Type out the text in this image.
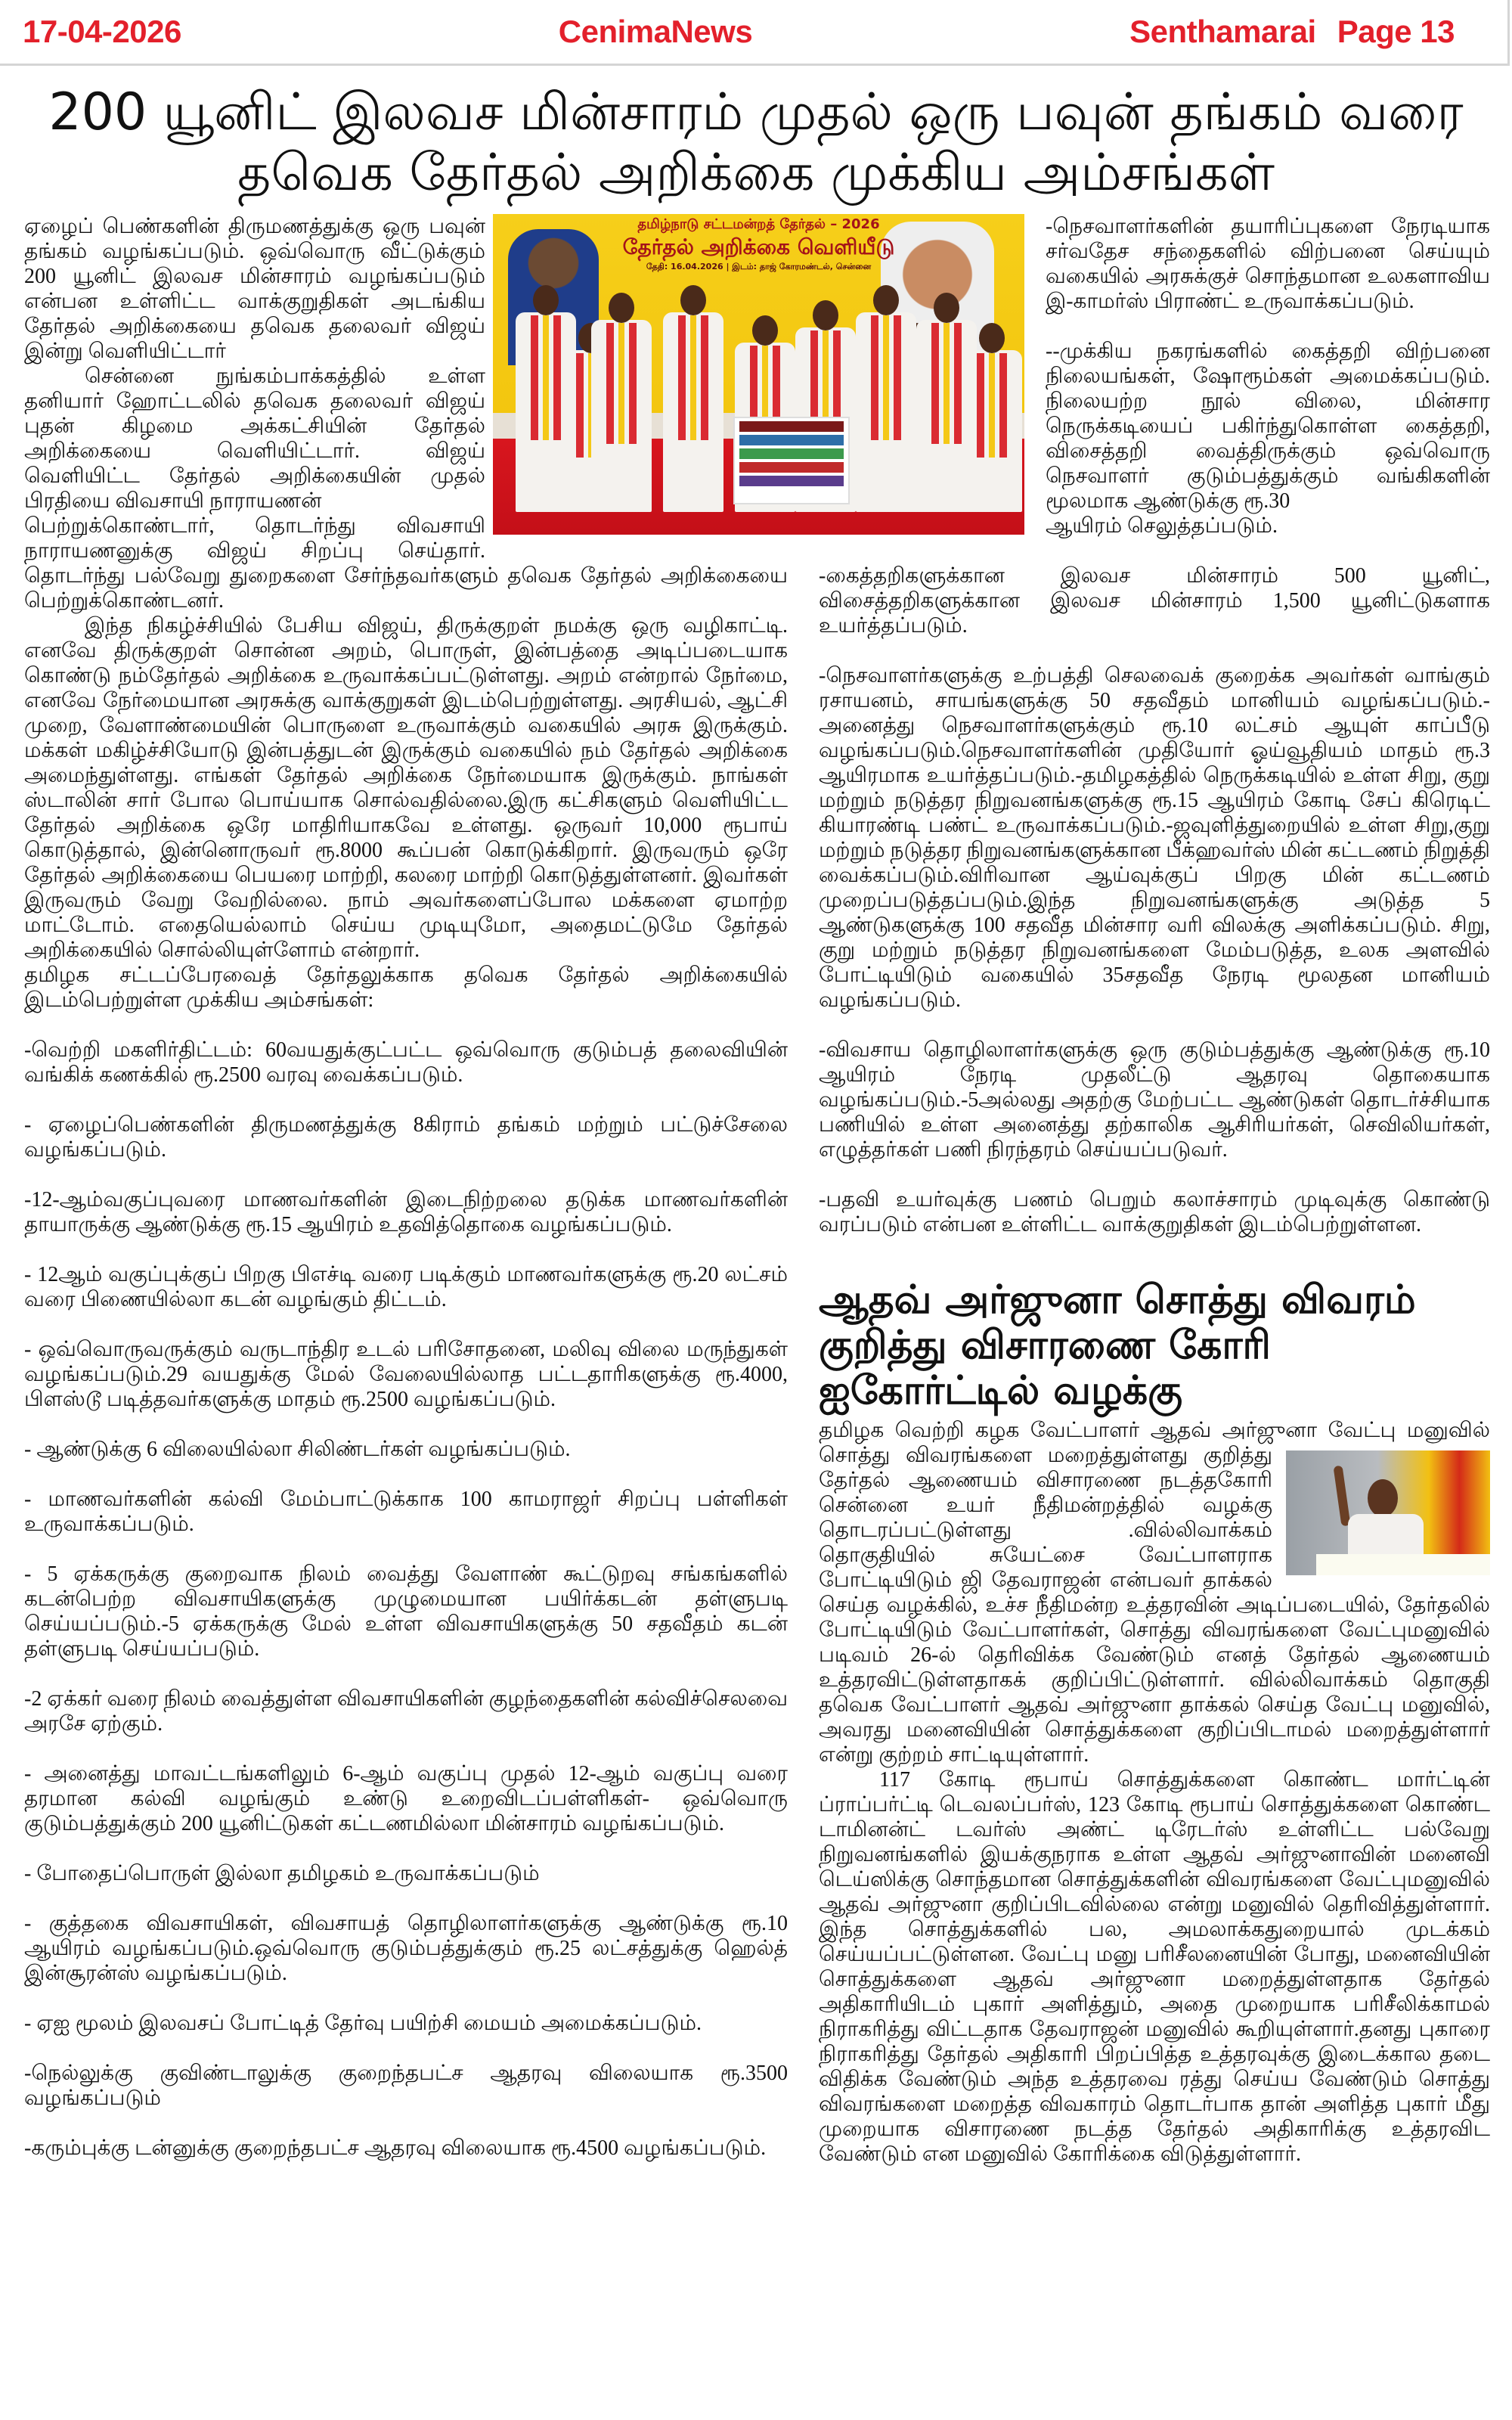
17-04-2026	CenimaNews	Senthamarai Page 13
200 யூனிட் இலவச மின்சாரம் முதல் ஒரு பவுன் தங்கம் வரை
தவெக தேர்தல் அறிக்கை முக்கிய அம்சங்கள்
தமிழ்நாடு சட்டமன்றத் தேர்தல் – 2026
தேர்தல் அறிக்கை வெளியீடு
தேதி: 16.04.2026 | இடம்: தாஜ் கோரமண்டல், சென்னை

ஏழைப் பெண்களின் திருமணத்துக்கு ஒரு பவுன் தங்கம் வழங்கப்படும். ஒவ்வொரு வீட்டுக்கும் 200 யூனிட் இலவச மின்சாரம் வழங்கப்படும் என்பன உள்ளிட்ட வாக்குறுதிகள் அடங்கிய தேர்தல் அறிக்கையை தவெக தலைவர் விஜய் இன்று வெளியிட்டார்

சென்னை நுங்கம்பாக்கத்தில் உள்ள தனியார் ஹோட்டலில் தவெக தலைவர் விஜய் புதன் கிழமை அக்கட்சியின் தேர்தல் அறிக்கையை வெளியிட்டார். விஜய் வெளியிட்ட தேர்தல் அறிக்கையின் முதல் பிரதியை விவசாயி நாராயணன்

பெற்றுக்கொண்டார், தொடர்ந்து விவசாயி நாராயணனுக்கு விஜய் சிறப்பு செய்தார். தொடர்ந்து பல்வேறு துறைகளை சேர்ந்தவர்களும் தவெக தேர்தல் அறிக்கையை பெற்றுக்கொண்டனர்.

இந்த நிகழ்ச்சியில் பேசிய விஜய், திருக்குறள் நமக்கு ஒரு வழிகாட்டி. எனவே திருக்குறள் சொன்ன அறம், பொருள், இன்பத்தை அடிப்படையாக கொண்டு நம்தேர்தல் அறிக்கை உருவாக்கப்பட்டுள்ளது. அறம் என்றால் நேர்மை, எனவே நேர்மையான அரசுக்கு வாக்குறுகள் இடம்பெற்றுள்ளது. அரசியல், ஆட்சி முறை, வேளாண்மையின் பொருளை உருவாக்கும் வகையில் அரசு இருக்கும். மக்கள் மகிழ்ச்சியோடு இன்பத்துடன் இருக்கும் வகையில் நம் தேர்தல் அறிக்கை அமைந்துள்ளது. எங்கள் தேர்தல் அறிக்கை நேர்மையாக இருக்கும். நாங்கள் ஸ்டாலின் சார் போல பொய்யாக சொல்வதில்லை.இரு கட்சிகளும் வெளியிட்ட தேர்தல் அறிக்கை ஒரே மாதிரியாகவே உள்ளது. ஒருவர் 10,000 ரூபாய் கொடுத்தால், இன்னொருவர் ரூ.8000 கூப்பன் கொடுக்கிறார். இருவரும் ஒரே தேர்தல் அறிக்கையை பெயரை மாற்றி, கலரை மாற்றி கொடுத்துள்ளனர். இவர்கள் இருவரும் வேறு வேறில்லை. நாம் அவர்களைப்போல மக்களை ஏமாற்ற மாட்டோம். எதையெல்லாம் செய்ய முடியுமோ, அதைமட்டுமே தேர்தல் அறிக்கையில் சொல்லியுள்ளோம் என்றார்.

தமிழக சட்டப்பேரவைத் தேர்தலுக்காக தவெக தேர்தல் அறிக்கையில் இடம்பெற்றுள்ள முக்கிய அம்சங்கள்:

-வெற்றி மகளிர்திட்டம்: 60வயதுக்குட்பட்ட ஒவ்வொரு குடும்பத் தலைவியின் வங்கிக் கணக்கில் ரூ.2500 வரவு வைக்கப்படும்.

- ஏழைப்பெண்களின் திருமணத்துக்கு 8கிராம் தங்கம் மற்றும் பட்டுச்சேலை வழங்கப்படும்.

-12-ஆம்வகுப்புவரை மாணவர்களின் இடைநிற்றலை தடுக்க மாணவர்களின் தாயாருக்கு ஆண்டுக்கு ரூ.15 ஆயிரம் உதவித்தொகை வழங்கப்படும்.

- 12ஆம் வகுப்புக்குப் பிறகு பிஎச்டி வரை படிக்கும் மாணவர்களுக்கு ரூ.20 லட்சம் வரை பிணையில்லா கடன் வழங்கும் திட்டம்.

- ஒவ்வொருவருக்கும் வருடாந்திர உடல் பரிசோதனை, மலிவு விலை மருந்துகள் வழங்கப்படும்.29 வயதுக்கு மேல் வேலையில்லாத பட்டதாரிகளுக்கு ரூ.4000, பிளஸ்டூ படித்தவர்களுக்கு மாதம் ரூ.2500 வழங்கப்படும்.

- ஆண்டுக்கு 6 விலையில்லா சிலிண்டர்கள் வழங்கப்படும்.

- மாணவர்களின் கல்வி மேம்பாட்டுக்காக 100 காமராஜர் சிறப்பு பள்ளிகள் உருவாக்கப்படும்.

- 5 ஏக்கருக்கு குறைவாக நிலம் வைத்து வேளாண் கூட்டுறவு சங்கங்களில் கடன்பெற்ற விவசாயிகளுக்கு முழுமையான பயிர்க்கடன் தள்ளுபடி செய்யப்படும்.-5 ஏக்கருக்கு மேல் உள்ள விவசாயிகளுக்கு 50 சதவீதம் கடன் தள்ளுபடி செய்யப்படும்.

-2 ஏக்கர் வரை நிலம் வைத்துள்ள விவசாயிகளின் குழந்தைகளின் கல்விச்செலவை அரசே ஏற்கும்.

- அனைத்து மாவட்டங்களிலும் 6-ஆம் வகுப்பு முதல் 12-ஆம் வகுப்பு வரை தரமான கல்வி வழங்கும் உண்டு உறைவிடப்பள்ளிகள்- ஒவ்வொரு குடும்பத்துக்கும் 200 யூனிட்டுகள் கட்டணமில்லா மின்சாரம் வழங்கப்படும்.

- போதைப்பொருள் இல்லா தமிழகம் உருவாக்கப்படும்

- குத்தகை விவசாயிகள், விவசாயத் தொழிலாளர்களுக்கு ஆண்டுக்கு ரூ.10 ஆயிரம் வழங்கப்படும்.ஒவ்வொரு குடும்பத்துக்கும் ரூ.25 லட்சத்துக்கு ஹெல்த் இன்சூரன்ஸ் வழங்கப்படும்.

- ஏஐ மூலம் இலவசப் போட்டித் தேர்வு பயிற்சி மையம் அமைக்கப்படும்.

-நெல்லுக்கு குவிண்டாலுக்கு குறைந்தபட்ச ஆதரவு விலையாக ரூ.3500 வழங்கப்படும்

-கரும்புக்கு டன்னுக்கு குறைந்தபட்ச ஆதரவு விலையாக ரூ.4500 வழங்கப்படும்.

-நெசவாளர்களின் தயாரிப்புகளை நேரடியாக சர்வதேச சந்தைகளில் விற்பனை செய்யும் வகையில் அரசுக்குச் சொந்தமான உலகளாவிய இ-காமர்ஸ் பிராண்ட் உருவாக்கப்படும்.

--முக்கிய நகரங்களில் கைத்தறி விற்பனை நிலையங்கள், ஷோரூம்கள் அமைக்கப்படும். நிலையற்ற நூல் விலை, மின்சார நெருக்கடியைப் பகிர்ந்துகொள்ள கைத்தறி, விசைத்தறி வைத்திருக்கும் ஒவ்வொரு நெசவாளர் குடும்பத்துக்கும் வங்கிகளின் மூலமாக ஆண்டுக்கு ரூ.30

ஆயிரம் செலுத்தப்படும்.

-கைத்தறிகளுக்கான இலவச மின்சாரம் 500 யூனிட், விசைத்தறிகளுக்கான இலவச மின்சாரம் 1,500 யூனிட்டுகளாக உயர்த்தப்படும்.

-நெசவாளர்களுக்கு உற்பத்தி செலவைக் குறைக்க அவர்கள் வாங்கும் ரசாயனம், சாயங்களுக்கு 50 சதவீதம் மானியம் வழங்கப்படும்.-அனைத்து நெசவாளர்களுக்கும் ரூ.10 லட்சம் ஆயுள் காப்பீடு வழங்கப்படும்.நெசவாளர்களின் முதியோர் ஓய்வூதியம் மாதம் ரூ.3 ஆயிரமாக உயர்த்தப்படும்.-தமிழகத்தில் நெருக்கடியில் உள்ள சிறு, குறு மற்றும் நடுத்தர நிறுவனங்களுக்கு ரூ.15 ஆயிரம் கோடி சேப் கிரெடிட் கியாரண்டி பண்ட் உருவாக்கப்படும்.-ஜவுளித்துறையில் உள்ள சிறு,குறு மற்றும் நடுத்தர நிறுவனங்களுக்கான பீக்ஹவர்ஸ் மின் கட்டணம் நிறுத்தி வைக்கப்படும்.விரிவான ஆய்வுக்குப் பிறகு மின் கட்டணம் முறைப்படுத்தப்படும்.இந்த நிறுவனங்களுக்கு அடுத்த 5 ஆண்டுகளுக்கு 100 சதவீத மின்சார வரி விலக்கு அளிக்கப்படும். சிறு, குறு மற்றும் நடுத்தர நிறுவனங்களை மேம்படுத்த, உலக அளவில் போட்டியிடும் வகையில் 35சதவீத நேரடி மூலதன மானியம் வழங்கப்படும்.

-விவசாய தொழிலாளர்களுக்கு ஒரு குடும்பத்துக்கு ஆண்டுக்கு ரூ.10 ஆயிரம் நேரடி முதலீட்டு ஆதரவு தொகையாக வழங்கப்படும்.-5அல்லது அதற்கு மேற்பட்ட ஆண்டுகள் தொடர்ச்சியாக பணியில் உள்ள அனைத்து தற்காலிக ஆசிரியர்கள், செவிலியர்கள், எழுத்தர்கள் பணி நிரந்தரம் செய்யப்படுவர்.

-பதவி உயர்வுக்கு பணம் பெறும் கலாச்சாரம் முடிவுக்கு கொண்டு வரப்படும் என்பன உள்ளிட்ட வாக்குறுதிகள் இடம்பெற்றுள்ளன.

ஆதவ் அர்ஜுனா சொத்து விவரம் குறித்து விசாரணை கோரி ஐகோர்ட்டில் வழக்கு

தமிழக வெற்றி கழக வேட்பாளர் ஆதவ் அர்ஜுனா வேட்பு மனுவில் சொத்து விவரங்களை மறைத்துள்ளது குறித்து தேர்தல் ஆணையம் விசாரணை நடத்தகோரி சென்னை உயர் நீதிமன்றத்தில் வழக்கு தொடரப்பட்டுள்ளது .வில்லிவாக்கம் தொகுதியில் சுயேட்சை வேட்பாளராக போட்டியிடும் ஜி தேவராஜன் என்பவர் தாக்கல் செய்த வழக்கில், உச்ச நீதிமன்ற உத்தரவின் அடிப்படையில், தேர்தலில் போட்டியிடும் வேட்பாளர்கள், சொத்து விவரங்களை வேட்புமனுவில் படிவம் 26-ல் தெரிவிக்க வேண்டும் எனத் தேர்தல் ஆணையம் உத்தரவிட்டுள்ளதாகக் குறிப்பிட்டுள்ளார். வில்லிவாக்கம் தொகுதி தவெக வேட்பாளர் ஆதவ் அர்ஜுனா தாக்கல் செய்த வேட்பு மனுவில், அவரது மனைவியின் சொத்துக்களை குறிப்பிடாமல் மறைத்துள்ளார் என்று குற்றம் சாட்டியுள்ளார்.

117 கோடி ரூபாய் சொத்துக்களை கொண்ட மார்ட்டின் ப்ராப்பர்ட்டி டெவலப்பர்ஸ், 123 கோடி ரூபாய் சொத்துக்களை கொண்ட டாமினன்ட் டவர்ஸ் அண்ட் டிரேடர்ஸ் உள்ளிட்ட பல்வேறு நிறுவனங்களில் இயக்குநராக உள்ள ஆதவ் அர்ஜுனாவின் மனைவி டெய்ஸிக்கு சொந்தமான சொத்துக்களின் விவரங்களை வேட்புமனுவில் ஆதவ் அர்ஜுனா குறிப்பிடவில்லை என்று மனுவில் தெரிவித்துள்ளார். இந்த சொத்துக்களில் பல, அமலாக்கதுறையால் முடக்கம் செய்யப்பட்டுள்ளன. வேட்பு மனு பரிசீலனையின் போது, மனைவியின் சொத்துக்களை ஆதவ் அர்ஜுனா மறைத்துள்ளதாக தேர்தல் அதிகாரியிடம் புகார் அளித்தும், அதை முறையாக பரிசீலிக்காமல் நிராகரித்து விட்டதாக தேவராஜன் மனுவில் கூறியுள்ளார்.தனது புகாரை நிராகரித்து தேர்தல் அதிகாரி பிறப்பித்த உத்தரவுக்கு இடைக்கால தடை விதிக்க வேண்டும் அந்த உத்தரவை ரத்து செய்ய வேண்டும் சொத்து விவரங்களை மறைத்த விவகாரம் தொடர்பாக தான் அளித்த புகார் மீது முறையாக விசாரணை நடத்த தேர்தல் அதிகாரிக்கு உத்தரவிட வேண்டும் என மனுவில் கோரிக்கை விடுத்துள்ளார்.
